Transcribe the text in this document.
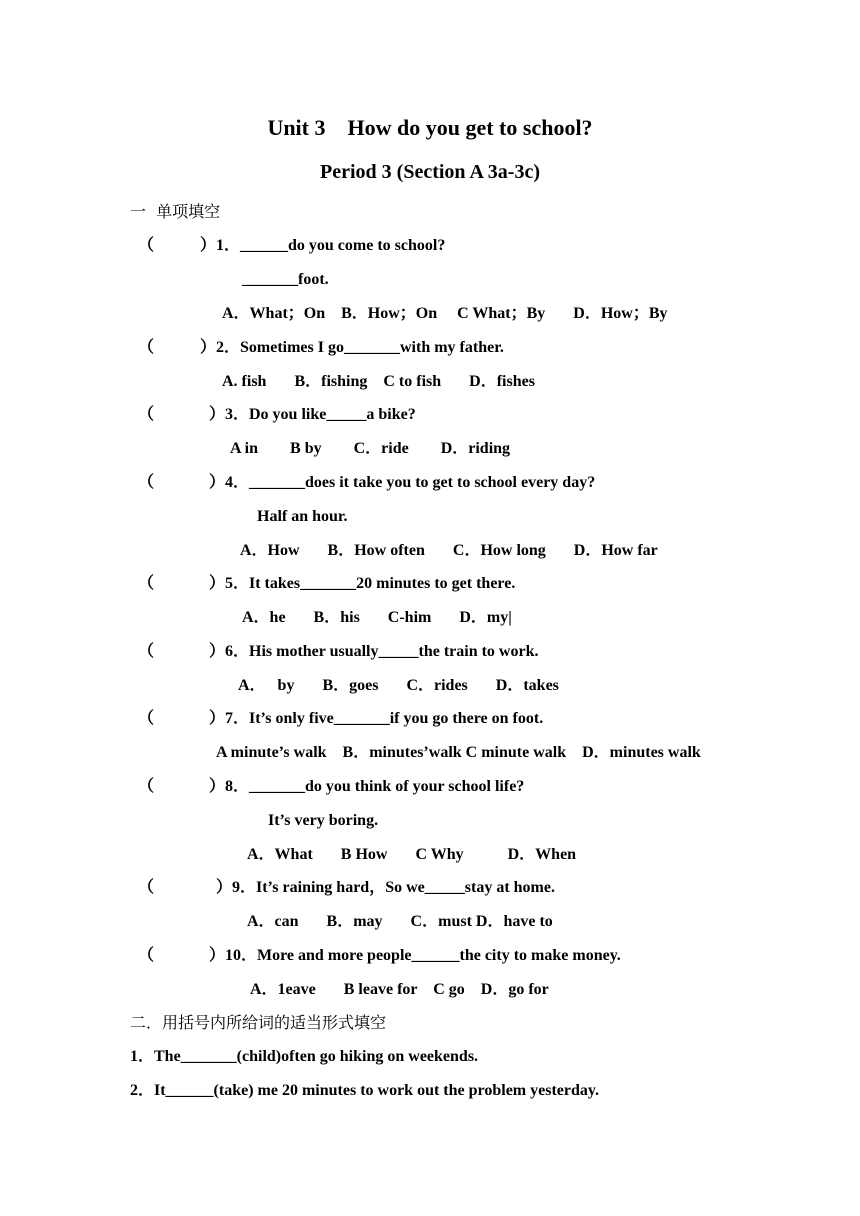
Unit 3    How do you get to school?
Period 3 (Section A 3a-3c)
一  单项填空
（	）1．______do you come to school?
_______foot.
A．What；On    B．How；On     C What；By       D．How；By
（	）2．Sometimes I go_______with my father.
A. fish       B．fishing    C to fish       D．fishes
（	）3．Do you like_____a bike?
A in        B by        C．ride        D．riding
（	）4．_______does it take you to get to school every day?
Half an hour.
A．How       B．How often       C．How long       D．How far
（	）5．It takes_______20 minutes to get there.
A．he       B．his       C-him       D．my|
（	）6．His mother usually_____the train to work.
A．   by       B．goes       C．rides       D．takes
（	）7．It’s only five_______if you go there on foot.
A minute’s walk    B．minutes’walk C minute walk    D．minutes walk
（	）8．_______do you think of your school life?
It’s very boring.
A．What       B How       C Why           D．When
（	）9．It’s raining hard，So we_____stay at home.
A．can       B．may       C．must D．have to
（	）10．More and more people______the city to make money.
A．1eave       B leave for    C go    D．go for
二．用括号内所给词的适当形式填空
1．The_______(child)often go hiking on weekends.
2．It______(take) me 20 minutes to work out the problem yesterday.
